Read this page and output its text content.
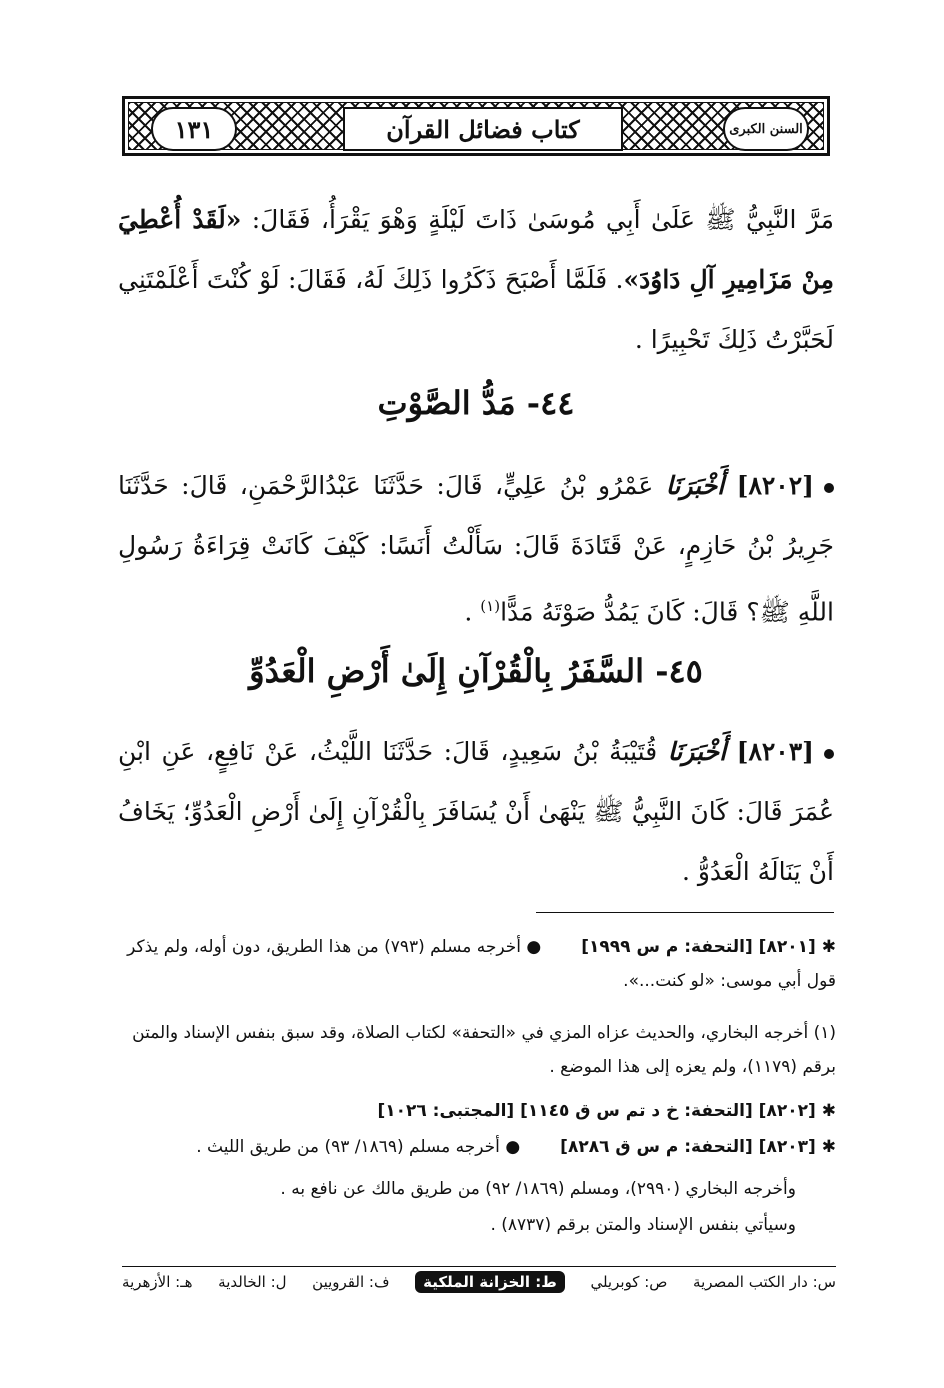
١٣١	كتاب فضائل القرآن	السنن الكبرى
مَرَّ النَّبِيُّ ﷺ عَلَىٰ أَبِي مُوسَىٰ ذَاتَ لَيْلَةٍ وَهْوَ يَقْرَأُ، فَقَالَ: «لَقَدْ أُعْطِيَ مِنْ مَزَامِيرِ آلِ دَاوُدَ». فَلَمَّا أَصْبَحَ ذَكَرُوا ذَلِكَ لَهُ، فَقَالَ: لَوْ كُنْتَ أَعْلَمْتَنِي لَحَبَّرْتُ ذَلِكَ تَحْبِيرًا .
٤٤- مَدُّ الصَّوْتِ
[٨٢٠٢] أَخْبَرَنَا عَمْرُو بْنُ عَلِيٍّ، قَالَ: حَدَّثَنَا عَبْدُالرَّحْمَنِ، قَالَ: حَدَّثَنَا جَرِيرُ بْنُ حَازِمٍ، عَنْ قَتَادَةَ قَالَ: سَأَلْتُ أَنَسًا: كَيْفَ كَانَتْ قِرَاءَةُ رَسُولِ اللَّهِ ﷺ؟ قَالَ: كَانَ يَمُدُّ صَوْتَهُ مَدًّا$^{(١)}$ .
٤٥- السَّفَرُ بِالْقُرْآنِ إِلَىٰ أَرْضِ الْعَدُوِّ
[٨٢٠٣] أَخْبَرَنَا قُتَيْبَةُ بْنُ سَعِيدٍ، قَالَ: حَدَّثَنَا اللَّيْثُ، عَنْ نَافِعٍ، عَنِ ابْنِ عُمَرَ قَالَ: كَانَ النَّبِيُّ ﷺ يَنْهَىٰ أَنْ يُسَافَرَ بِالْقُرْآنِ إِلَىٰ أَرْضِ الْعَدُوِّ؛ يَخَافُ أَنْ يَنَالَهُ الْعَدُوُّ .
✱[٨٢٠١] [التحفة: م س ١٩٩٩]● أخرجه مسلم (٧٩٣) من هذا الطريق، دون أوله، ولم يذكر قول أبي موسى: «لو كنت...».
(١) أخرجه البخاري، والحديث عزاه المزي في «التحفة» لكتاب الصلاة، وقد سبق بنفس الإسناد والمتن برقم (١١٧٩)، ولم يعزه إلى هذا الموضع .
✱[٨٢٠٢] [التحفة: خ د تم س ق ١١٤٥] [المجتبى: ١٠٢٦]
✱[٨٢٠٣] [التحفة: م س ق ٨٢٨٦]● أخرجه مسلم (١٨٦٩/ ٩٣) من طريق الليث .
وأخرجه البخاري (٢٩٩٠)، ومسلم (١٨٦٩/ ٩٢) من طريق مالك عن نافع به .
وسيأتي بنفس الإسناد والمتن برقم (٨٧٣٧) .
س: دار الكتب المصرية
ص: كوبريلي
ط: الخزانة الملكية
ف: القرويين
ل: الخالدية
هـ: الأزهرية
